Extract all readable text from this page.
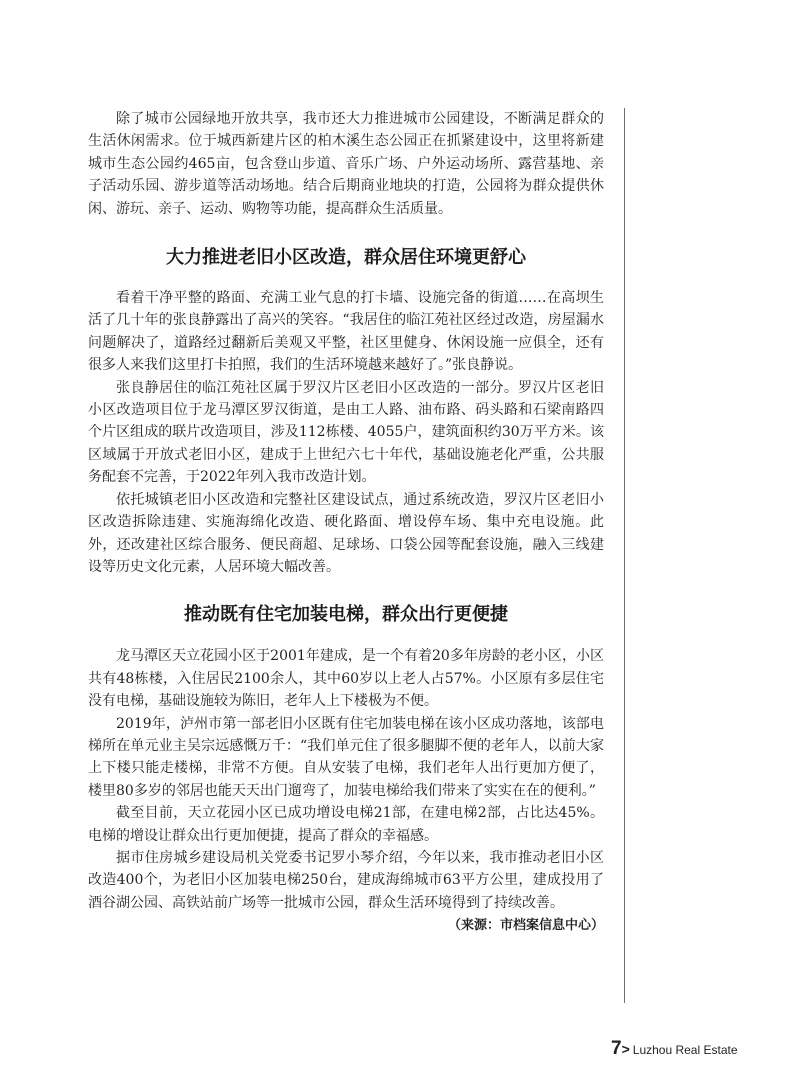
除了城市公园绿地开放共享，我市还大力推进城市公园建设，不断满足群众的生活休闲需求。位于城西新建片区的柏木溪生态公园正在抓紧建设中，这里将新建城市生态公园约465亩，包含登山步道、音乐广场、户外运动场所、露营基地、亲子活动乐园、游步道等活动场地。结合后期商业地块的打造，公园将为群众提供休闲、游玩、亲子、运动、购物等功能，提高群众生活质量。

大力推进老旧小区改造，群众居住环境更舒心

看着干净平整的路面、充满工业气息的打卡墙、设施完备的街道……在高坝生活了几十年的张良静露出了高兴的笑容。“我居住的临江苑社区经过改造，房屋漏水问题解决了，道路经过翻新后美观又平整，社区里健身、休闲设施一应俱全，还有很多人来我们这里打卡拍照，我们的生活环境越来越好了。”张良静说。

张良静居住的临江苑社区属于罗汉片区老旧小区改造的一部分。罗汉片区老旧小区改造项目位于龙马潭区罗汉街道，是由工人路、油布路、码头路和石梁南路四个片区组成的联片改造项目，涉及112栋楼、4055户，建筑面积约30万平方米。该区域属于开放式老旧小区，建成于上世纪六七十年代，基础设施老化严重，公共服务配套不完善，于2022年列入我市改造计划。

依托城镇老旧小区改造和完整社区建设试点，通过系统改造，罗汉片区老旧小区改造拆除违建、实施海绵化改造、硬化路面、增设停车场、集中充电设施。此外，还改建社区综合服务、便民商超、足球场、口袋公园等配套设施，融入三线建设等历史文化元素，人居环境大幅改善。

推动既有住宅加装电梯，群众出行更便捷

龙马潭区天立花园小区于2001年建成，是一个有着20多年房龄的老小区，小区共有48栋楼，入住居民2100余人，其中60岁以上老人占57%。小区原有多层住宅没有电梯，基础设施较为陈旧，老年人上下楼极为不便。

2019年，泸州市第一部老旧小区既有住宅加装电梯在该小区成功落地，该部电梯所在单元业主吴宗远感慨万千：“我们单元住了很多腿脚不便的老年人，以前大家上下楼只能走楼梯，非常不方便。自从安装了电梯，我们老年人出行更加方便了，楼里80多岁的邻居也能天天出门遛弯了，加装电梯给我们带来了实实在在的便利。”

截至目前，天立花园小区已成功增设电梯21部，在建电梯2部，占比达45%。电梯的增设让群众出行更加便捷，提高了群众的幸福感。

据市住房城乡建设局机关党委书记罗小琴介绍，今年以来，我市推动老旧小区改造400个，为老旧小区加装电梯250台，建成海绵城市63平方公里，建成投用了酒谷湖公园、高铁站前广场等一批城市公园，群众生活环境得到了持续改善。

（来源：市档案信息中心）

7 > Luzhou Real Estate
